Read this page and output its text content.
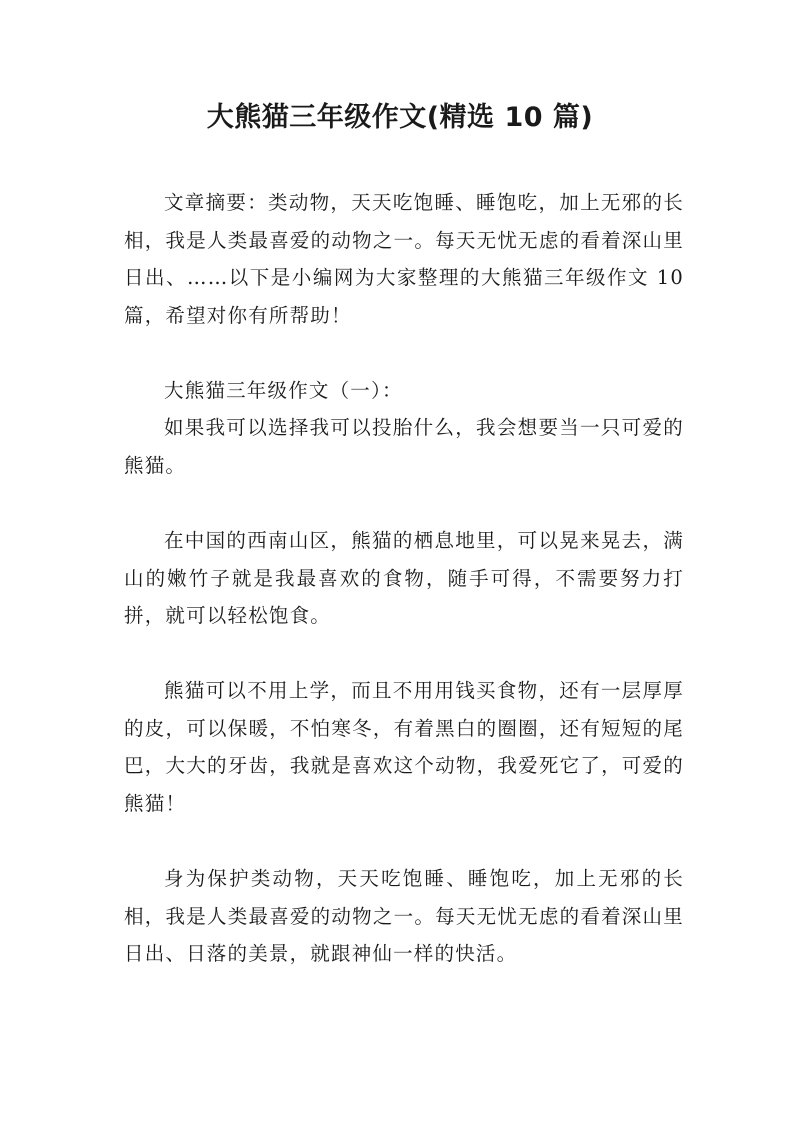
大熊猫三年级作文(精选 10 篇)

文章摘要：类动物，天天吃饱睡、睡饱吃，加上无邪的长相，我是人类最喜爱的动物之一。每天无忧无虑的看着深山里日出、……以下是小编网为大家整理的大熊猫三年级作文 10 篇，希望对你有所帮助！

大熊猫三年级作文（一）：

如果我可以选择我可以投胎什么，我会想要当一只可爱的熊猫。

在中国的西南山区，熊猫的栖息地里，可以晃来晃去，满山的嫩竹子就是我最喜欢的食物，随手可得，不需要努力打拼，就可以轻松饱食。

熊猫可以不用上学，而且不用用钱买食物，还有一层厚厚的皮，可以保暖，不怕寒冬，有着黑白的圈圈，还有短短的尾巴，大大的牙齿，我就是喜欢这个动物，我爱死它了，可爱的熊猫！

身为保护类动物，天天吃饱睡、睡饱吃，加上无邪的长相，我是人类最喜爱的动物之一。每天无忧无虑的看着深山里日出、日落的美景，就跟神仙一样的快活。
